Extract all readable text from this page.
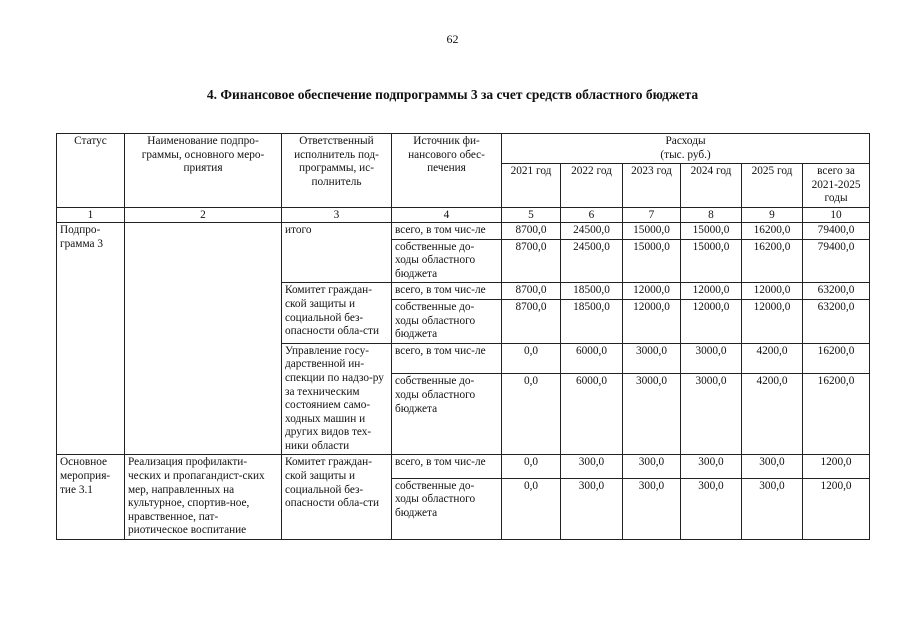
62
4. Финансовое обеспечение подпрограммы 3 за счет средств областного бюджета
Статус	Наименование подпро-граммы, основного меро-приятия	Ответственный исполнитель под-программы, ис-полнитель	Источник фи-нансового обес-печения	Расходы					
				(тыс. руб.)					
				2021 год	2022 год	2023 год	2024 год	2025 год	всего за 2021-2025 годы
1	2	3	4	5	6	7	8	9	10
Подпро-грамма 3		итого	всего, в том чис-ле	8700,0	24500,0	15000,0	15000,0	16200,0	79400,0
			собственные до-ходы областного бюджета	8700,0	24500,0	15000,0	15000,0	16200,0	79400,0
		Комитет граждан-ской защиты и социальной без-опасности обла-сти	всего, в том чис-ле	8700,0	18500,0	12000,0	12000,0	12000,0	63200,0
			собственные до-ходы областного бюджета	8700,0	18500,0	12000,0	12000,0	12000,0	63200,0
		Управление госу-дарственной ин-спекции по надзо-ру за техническим состоянием само-ходных машин и других видов тех-ники области	всего, в том чис-ле	0,0	6000,0	3000,0	3000,0	4200,0	16200,0
			собственные до-ходы областного бюджета	0,0	6000,0	3000,0	3000,0	4200,0	16200,0
Основное мероприя-тие 3.1	Реализация профилакти-ческих и пропагандист-ских мер, направленных на культурное, спортив-ное, нравственное, пат-риотическое воспитание	Комитет граждан-ской защиты и социальной без-опасности обла-сти	всего, в том чис-ле	0,0	300,0	300,0	300,0	300,0	1200,0
			собственные до-ходы областного бюджета	0,0	300,0	300,0	300,0	300,0	1200,0
